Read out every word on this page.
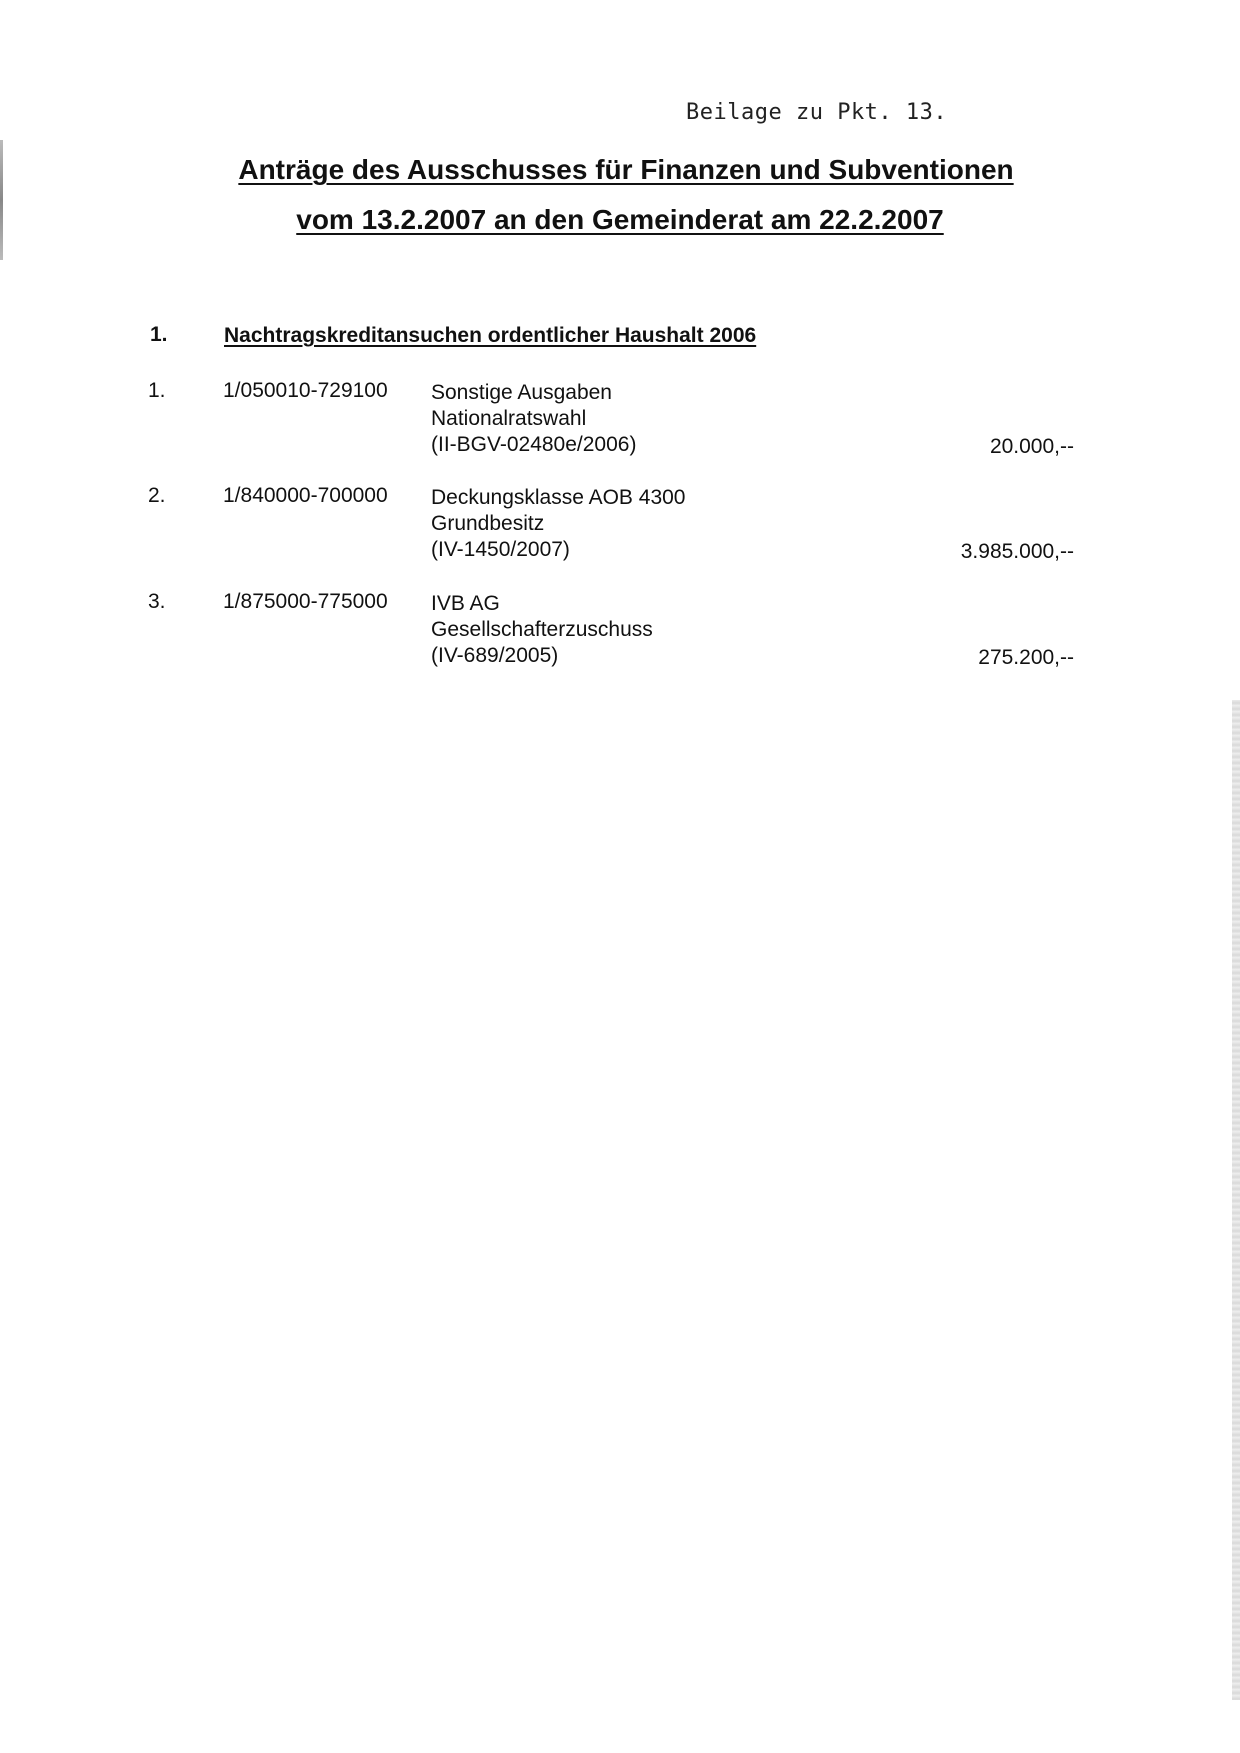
Beilage zu Pkt. 13.
Anträge des Ausschusses für Finanzen und Subventionen
vom 13.2.2007 an den Gemeinderat am 22.2.2007
1.	Nachtragskreditansuchen ordentlicher Haushalt 2006
1.	1/050010-729100 Sonstige Ausgaben
Nationalratswahl
(II-BGV-02480e/2006)	20.000,--
2.	1/840000-700000 Deckungsklasse AOB 4300
Grundbesitz
(IV-1450/2007)	3.985.000,--
3.	1/875000-775000 IVB AG
Gesellschafterzuschuss
(IV-689/2005)	275.200,--
